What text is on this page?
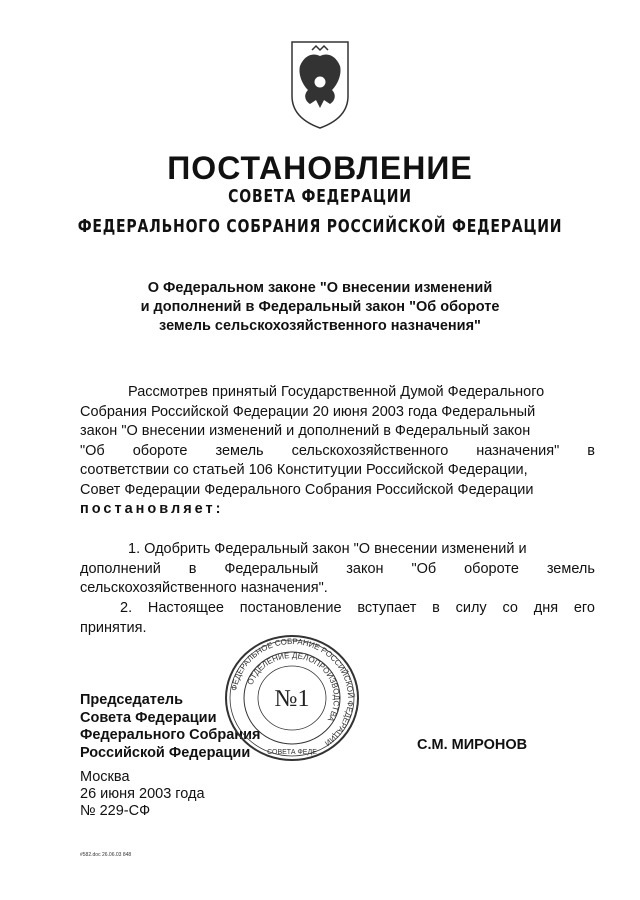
ПОСТАНОВЛЕНИЕ
СОВЕТА ФЕДЕРАЦИИ
ФЕДЕРАЛЬНОГО СОБРАНИЯ РОССИЙСКОЙ ФЕДЕРАЦИИ
О Федеральном законе "О внесении изменений
и дополнений в Федеральный закон "Об обороте
земель сельскохозяйственного назначения"
Рассмотрев принятый Государственной Думой Федерального
Собрания Российской Федерации 20 июня 2003 года Федеральный
закон "О внесении изменений и дополнений в Федеральный закон
"Об обороте земель сельскохозяйственного назначения" в
соответствии со статьей 106 Конституции Российской Федерации,
Совет Федерации Федерального Собрания Российской Федерации
постановляет:
1. Одобрить Федеральный закон "О внесении изменений и
дополнений в Федеральный закон "Об обороте земель
сельскохозяйственного назначения".
2. Настоящее постановление вступает в силу со дня его
принятия.
Председатель
Совета Федерации
Федерального Собрания
Российской Федерации
ФЕДЕРАЛЬНОЕ СОБРАНИЕ РОССИЙСКОЙ ФЕДЕРАЦИИ
ОТДЕЛЕНИЕ ДЕЛОПРОИЗВОДСТВА
СОВЕТА ФЕДЕ
№1
С.М. МИРОНОВ
Москва
26 июня 2003 года
№ 229-СФ
#582.doc 26.06.03 848
